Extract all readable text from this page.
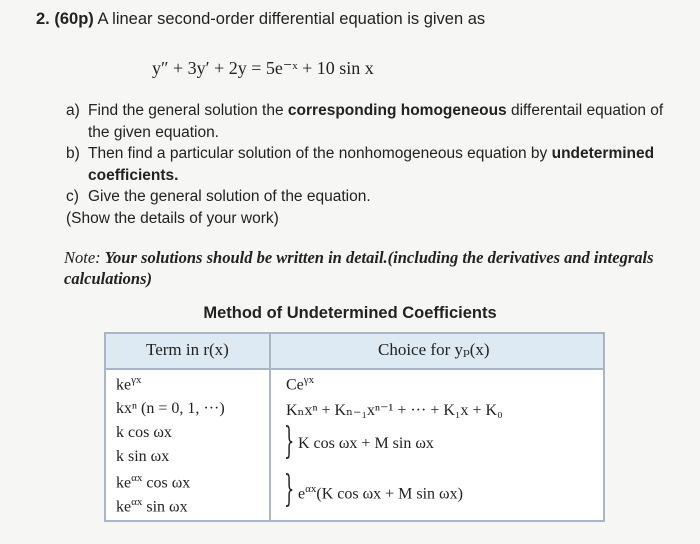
2. (60p) A linear second-order differential equation is given as
y″ + 3y′ + 2y = 5e⁻ˣ + 10 sin x
a) Find the general solution the corresponding homogeneous differentail equation of the given equation.
b) Then find a particular solution of the nonhomogeneous equation by undetermined coefficients.
c) Give the general solution of the equation.
(Show the details of your work)
Note: Your solutions should be written in detail.(including the derivatives and integrals calculations)
Method of Undetermined Coefficients
Term in r(x)	Choice for yₚ(x)
$ke^{\gamma x}$
kxⁿ (n = 0, 1, ···)
k cos ωx
k sin ωx
$ke^{\alpha x}$ cos ωx
$ke^{\alpha x}$ sin ωx
$Ce^{\gamma x}$
Kₙxⁿ + Kₙ₋₁xⁿ⁻¹ + ··· + K₁x + K₀
} K cos ωx + M sin ωx
} $e^{\alpha x}(K$ cos ωx + M sin ωx)
